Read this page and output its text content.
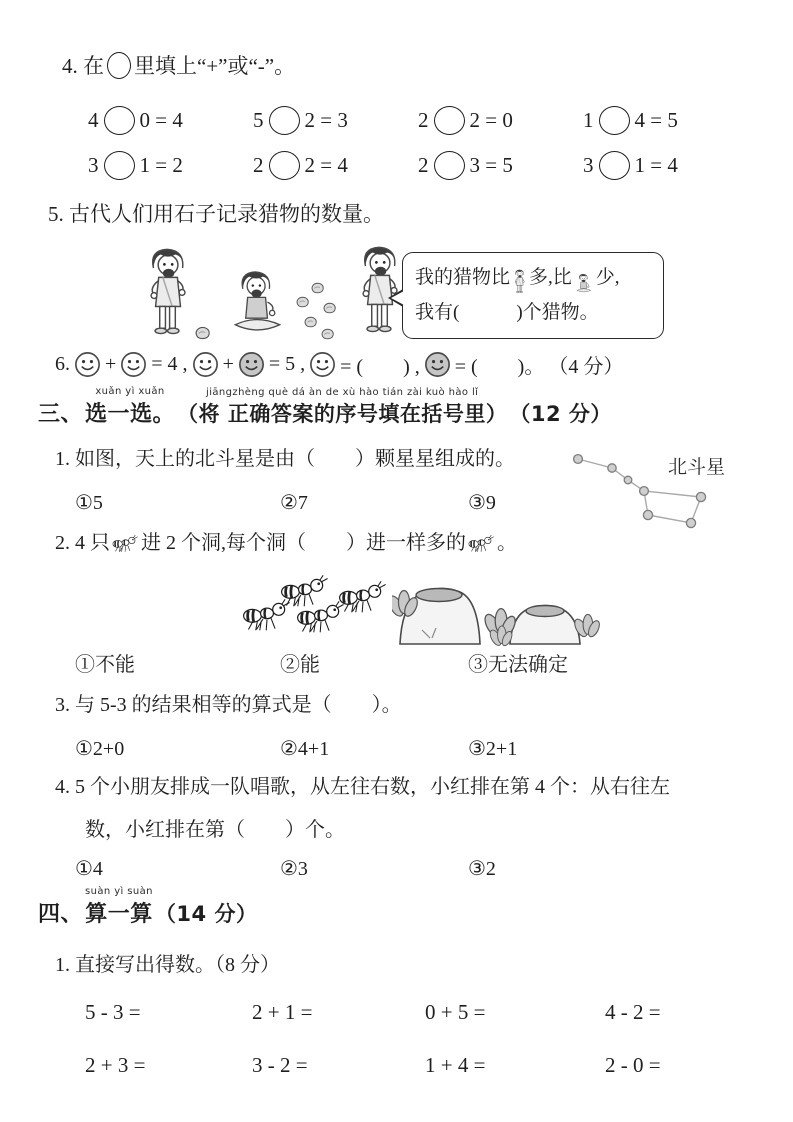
4. 在 里填上“+”或“-”。
4 0 = 4	5 2 = 3	2 2 = 0	1 4 = 5
3 1 = 2	2 2 = 4	2 3 = 5	3 1 = 4
5. 古代人们用石子记录猎物的数量。
我的猎物比 多,比 少,
我有(　　　)个猎物。
6. + = 4 , + = 5 , = (　　) , = (　　)。 （4 分）
三、
xuǎn yì xuǎn
选一选。
jiāngzhèng què dá àn de xù hào tián zài kuò hào lǐ
（将 正确答案的序号填在括号里） （12 分）
1. 如图，天上的北斗星是由（　　）颗星星组成的。
①5	②7	③9
北斗星
2. 4 只 进 2 个洞,每个洞（　　）进一样多的 。
①不能	②能	③无法确定
3. 与 5-3 的结果相等的算式是（　　）。
①2+0	②4+1	③2+1
4. 5 个小朋友排成一队唱歌，从左往右数，小红排在第 4 个：从右往左
数，小红排在第（　　）个。
①4	②3	③2
四、
suàn yì suàn
算一算 （14 分）
1. 直接写出得数。（8 分）
5 - 3 =	2 + 1 =	0 + 5 =	4 - 2 =
2 + 3 =	3 - 2 =	1 + 4 =	2 - 0 =
